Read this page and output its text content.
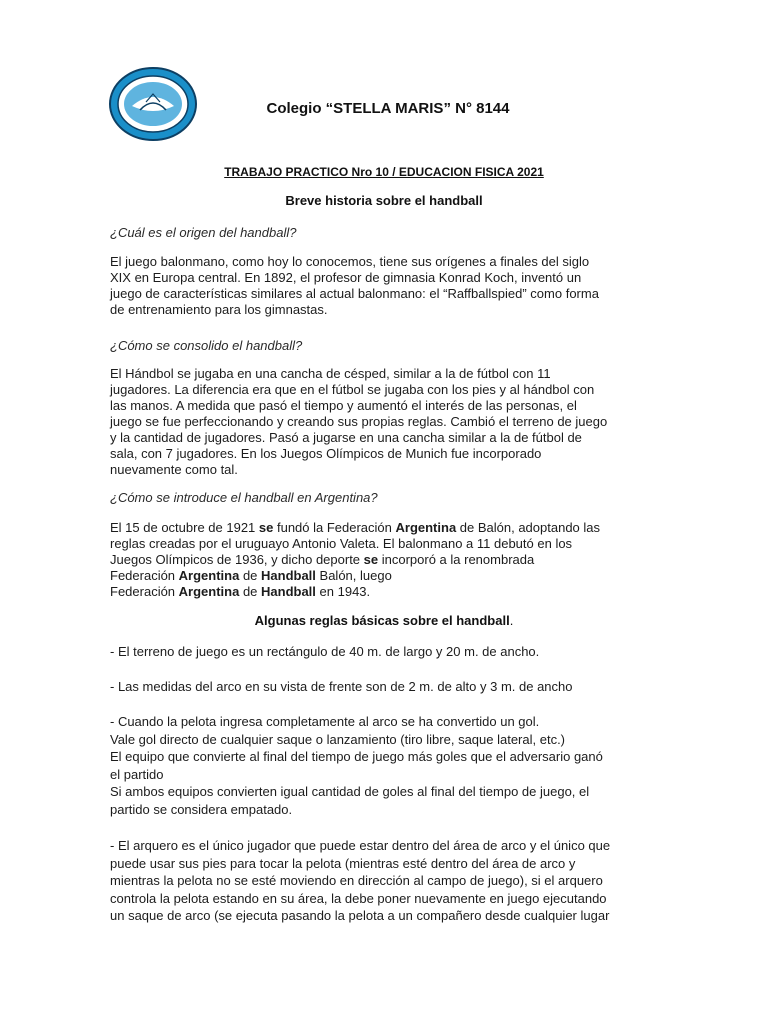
Colegio “STELLA MARIS” N° 8144
TRABAJO PRACTICO Nro 10 / EDUCACION FISICA 2021
Breve historia sobre el handball
¿Cuál es el origen del handball?
El juego balonmano, como hoy lo conocemos, tiene sus orígenes a finales del siglo
XIX en Europa central. En 1892, el profesor de gimnasia Konrad Koch, inventó un
juego de características similares al actual balonmano: el “Raffballspied” como forma
de entrenamiento para los gimnastas.
¿Cómo se consolido el handball?
El Hándbol se jugaba en una cancha de césped, similar a la de fútbol con 11
jugadores. La diferencia era que en el fútbol se jugaba con los pies y al hándbol con
las manos. A medida que pasó el tiempo y aumentó el interés de las personas, el
juego se fue perfeccionando y creando sus propias reglas. Cambió el terreno de juego
y la cantidad de jugadores. Pasó a jugarse en una cancha similar a la de fútbol de
sala, con 7 jugadores. En los Juegos Olímpicos de Munich fue incorporado
nuevamente como tal.
¿Cómo se introduce el handball en Argentina?
El 15 de octubre de 1921 se fundó la Federación Argentina de Balón, adoptando las
reglas creadas por el uruguayo Antonio Valeta. El balonmano a 11 debutó en los
Juegos Olímpicos de 1936, y dicho deporte se incorporó a la renombrada
Federación Argentina de Handball Balón, luego
Federación Argentina de Handball en 1943.
Algunas reglas básicas sobre el handball.
- El terreno de juego es un rectángulo de 40 m. de largo y 20 m. de ancho.
- Las medidas del arco en su vista de frente son de 2 m. de alto y 3 m. de ancho
- Cuando la pelota ingresa completamente al arco se ha convertido un gol.
Vale gol directo de cualquier saque o lanzamiento (tiro libre, saque lateral, etc.)
El equipo que convierte al final del tiempo de juego más goles que el adversario ganó
el partido
Si ambos equipos convierten igual cantidad de goles al final del tiempo de juego, el
partido se considera empatado.
- El arquero es el único jugador que puede estar dentro del área de arco y el único que
puede usar sus pies para tocar la pelota (mientras esté dentro del área de arco y
mientras la pelota no se esté moviendo en dirección al campo de juego), si el arquero
controla la pelota estando en su área, la debe poner nuevamente en juego ejecutando
un saque de arco (se ejecuta pasando la pelota a un compañero desde cualquier lugar
